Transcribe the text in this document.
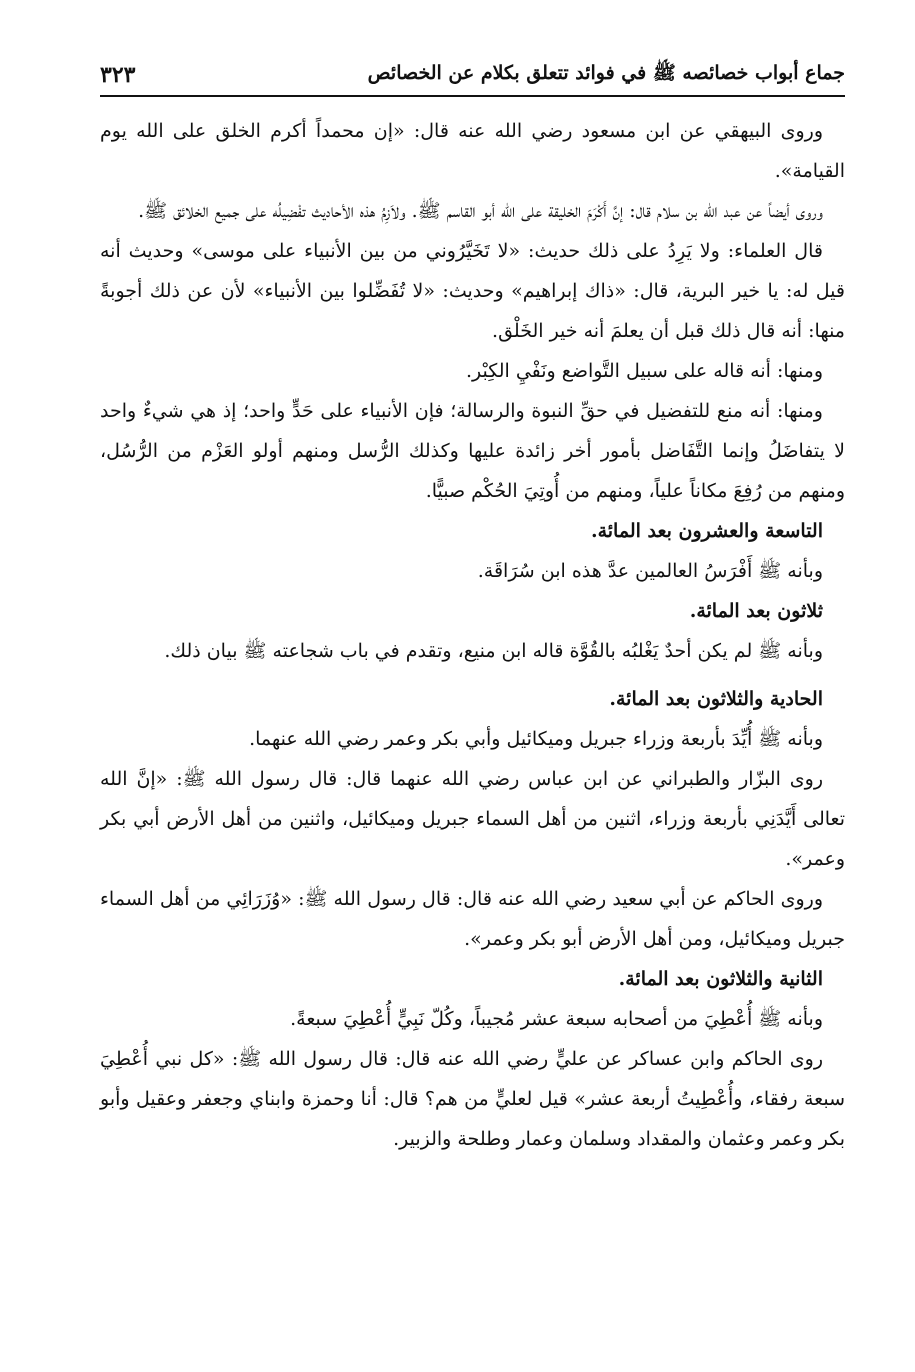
جماع أبواب خصائصه ﷺ في فوائد تتعلق بكلام عن الخصائص
٣٢٣

وروى البيهقي عن ابن مسعود رضي الله عنه قال: «إن محمداً أكرم الخلق على الله يوم القيامة».

وروى أيضاً عن عبد الله بن سلام قال: إنَّ أَكْرَمَ الخليقة على الله أبو القاسم ﷺ. ولاَزِمُ هذه الأحاديث تفْضِيلُه على جميع الخلائق ﷺ.

قال العلماء: ولا يَرِدُ على ذلك حديث: «لا تَخَيَّرُوني من بين الأنبياء على موسى» وحديث أنه قيل له: يا خير البرية، قال: «ذاك إبراهيم» وحديث: «لا تُفَضِّلوا بين الأنبياء» لأن عن ذلك أجوبةً منها: أنه قال ذلك قبل أن يعلمَ أنه خير الخَلْق.

ومنها: أنه قاله على سبيل التَّواضع ونَفْيِ الكِبْر.

ومنها: أنه منع للتفضيل في حقِّ النبوة والرسالة؛ فإن الأنبياء على حَدٍّ واحد؛ إذ هي شيءٌ واحد لا يتفاضَلُ وإنما التَّفَاضل بأمور أخر زائدة عليها وكذلك الرُّسل ومنهم أولو العَزْم من الرُّسُل، ومنهم من رُفِعَ مكاناً علياً، ومنهم من أُوتِيَ الحُكْم صبيًّا.

التاسعة والعشرون بعد المائة.

وبأنه ﷺ أَفْرَسُ العالمين عدَّ هذه ابن سُرَاقَة.

ثلاثون بعد المائة.

وبأنه ﷺ لم يكن أحدٌ يَغْلبُه بالقُوَّة قاله ابن منيع، وتقدم في باب شجاعته ﷺ بيان ذلك.

الحادية والثلاثون بعد المائة.

وبأنه ﷺ أُيِّدَ بأربعة وزراء جبريل وميكائيل وأبي بكر وعمر رضي الله عنهما.

روى البزّار والطبراني عن ابن عباس رضي الله عنهما قال: قال رسول الله ﷺ: «إنَّ الله تعالى أَيَّدَنِي بأربعة وزراء، اثنين من أهل السماء جبريل وميكائيل، واثنين من أهل الأرض أبي بكر وعمر».

وروى الحاكم عن أبي سعيد رضي الله عنه قال: قال رسول الله ﷺ: «وُزَرَائِي من أهل السماء جبريل وميكائيل، ومن أهل الأرض أبو بكر وعمر».

الثانية والثلاثون بعد المائة.

وبأنه ﷺ أُعْطِيَ من أصحابه سبعة عشر مُجيباً، وكُلّ نَبِيٍّ أُعْطِيَ سبعةً.

روى الحاكم وابن عساكر عن عليٍّ رضي الله عنه قال: قال رسول الله ﷺ: «كل نبي أُعْطِيَ سبعة رفقاء، وأُعْطِيتُ أربعة عشر» قيل لعليٍّ من هم؟ قال: أنا وحمزة وابناي وجعفر وعقيل وأبو بكر وعمر وعثمان والمقداد وسلمان وعمار وطلحة والزبير.
